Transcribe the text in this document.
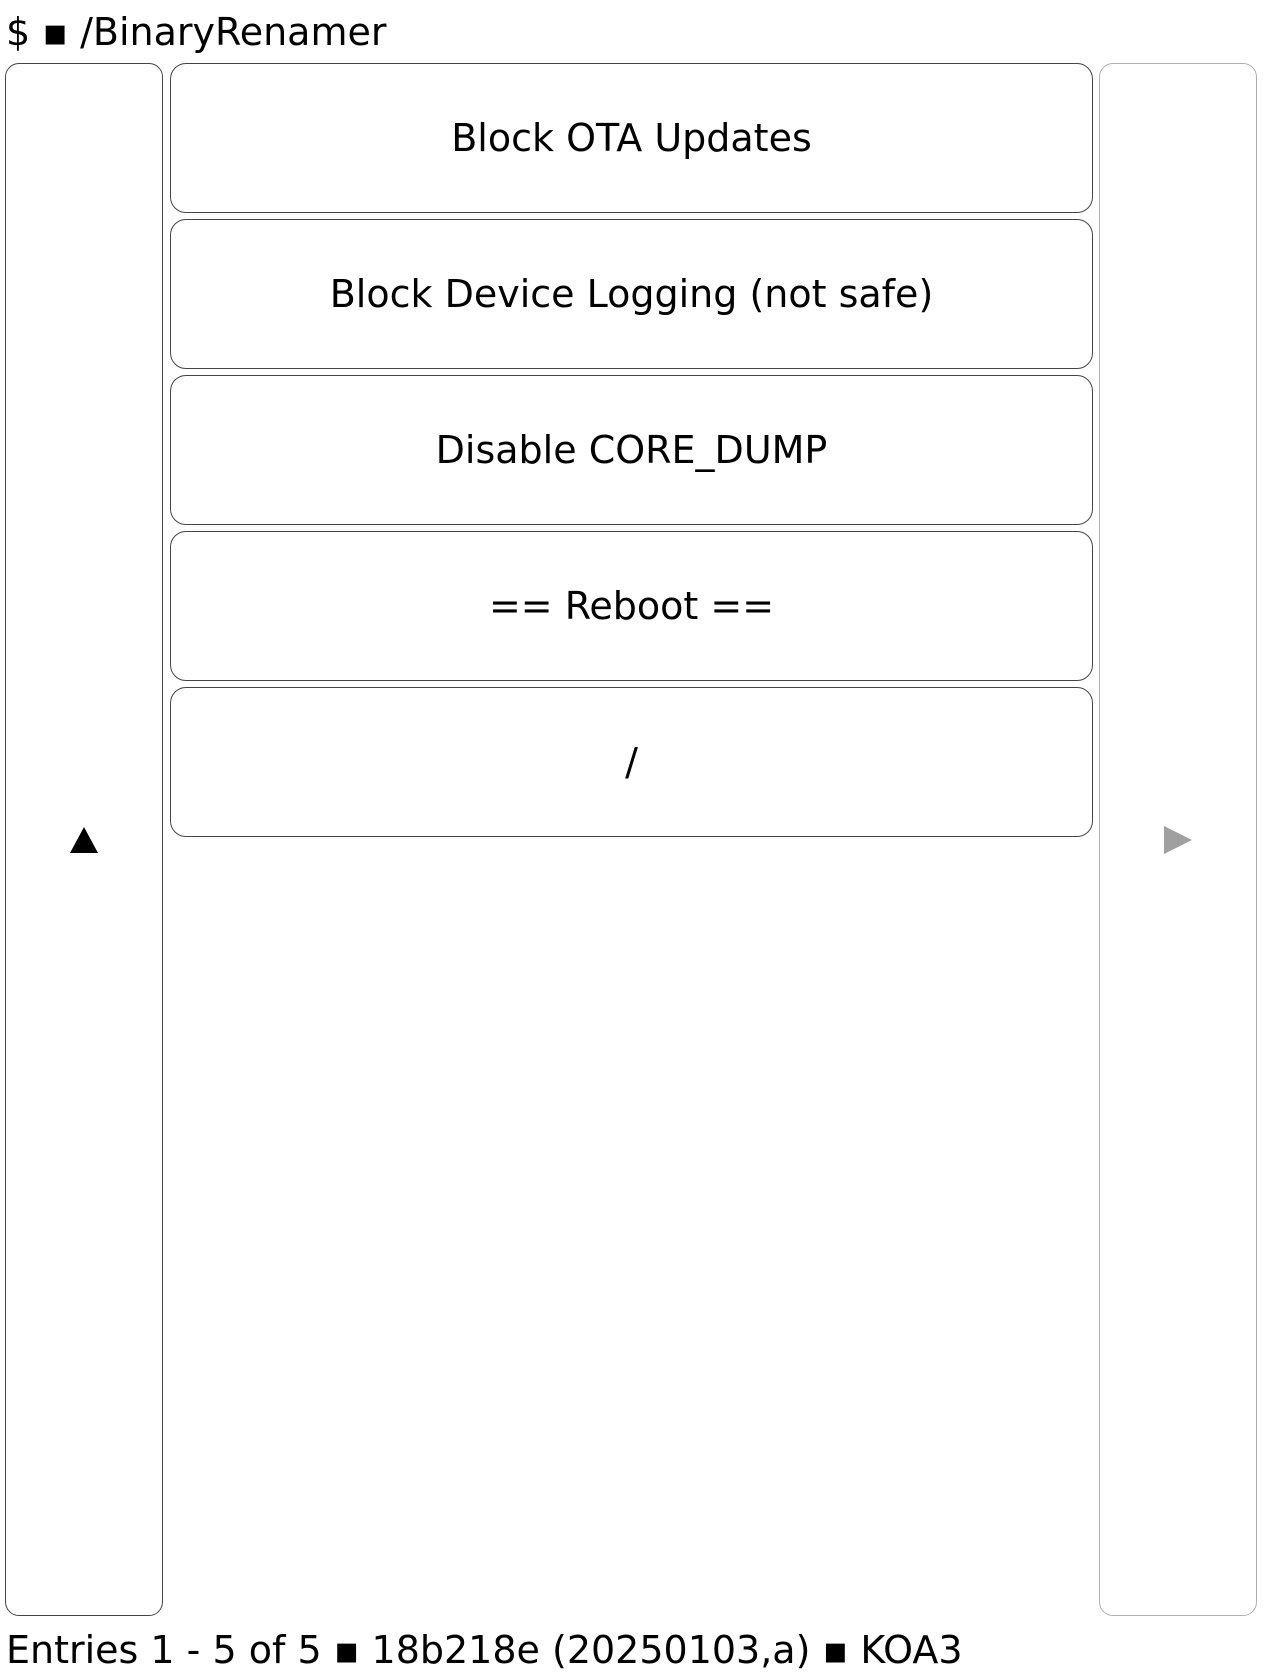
$ ▪ /BinaryRenamer
Block OTA Updates
Block Device Logging (not safe)
Disable CORE_DUMP
== Reboot ==
/
Entries 1 - 5 of 5 ▪ 18b218e (20250103,a) ▪ KOA3
